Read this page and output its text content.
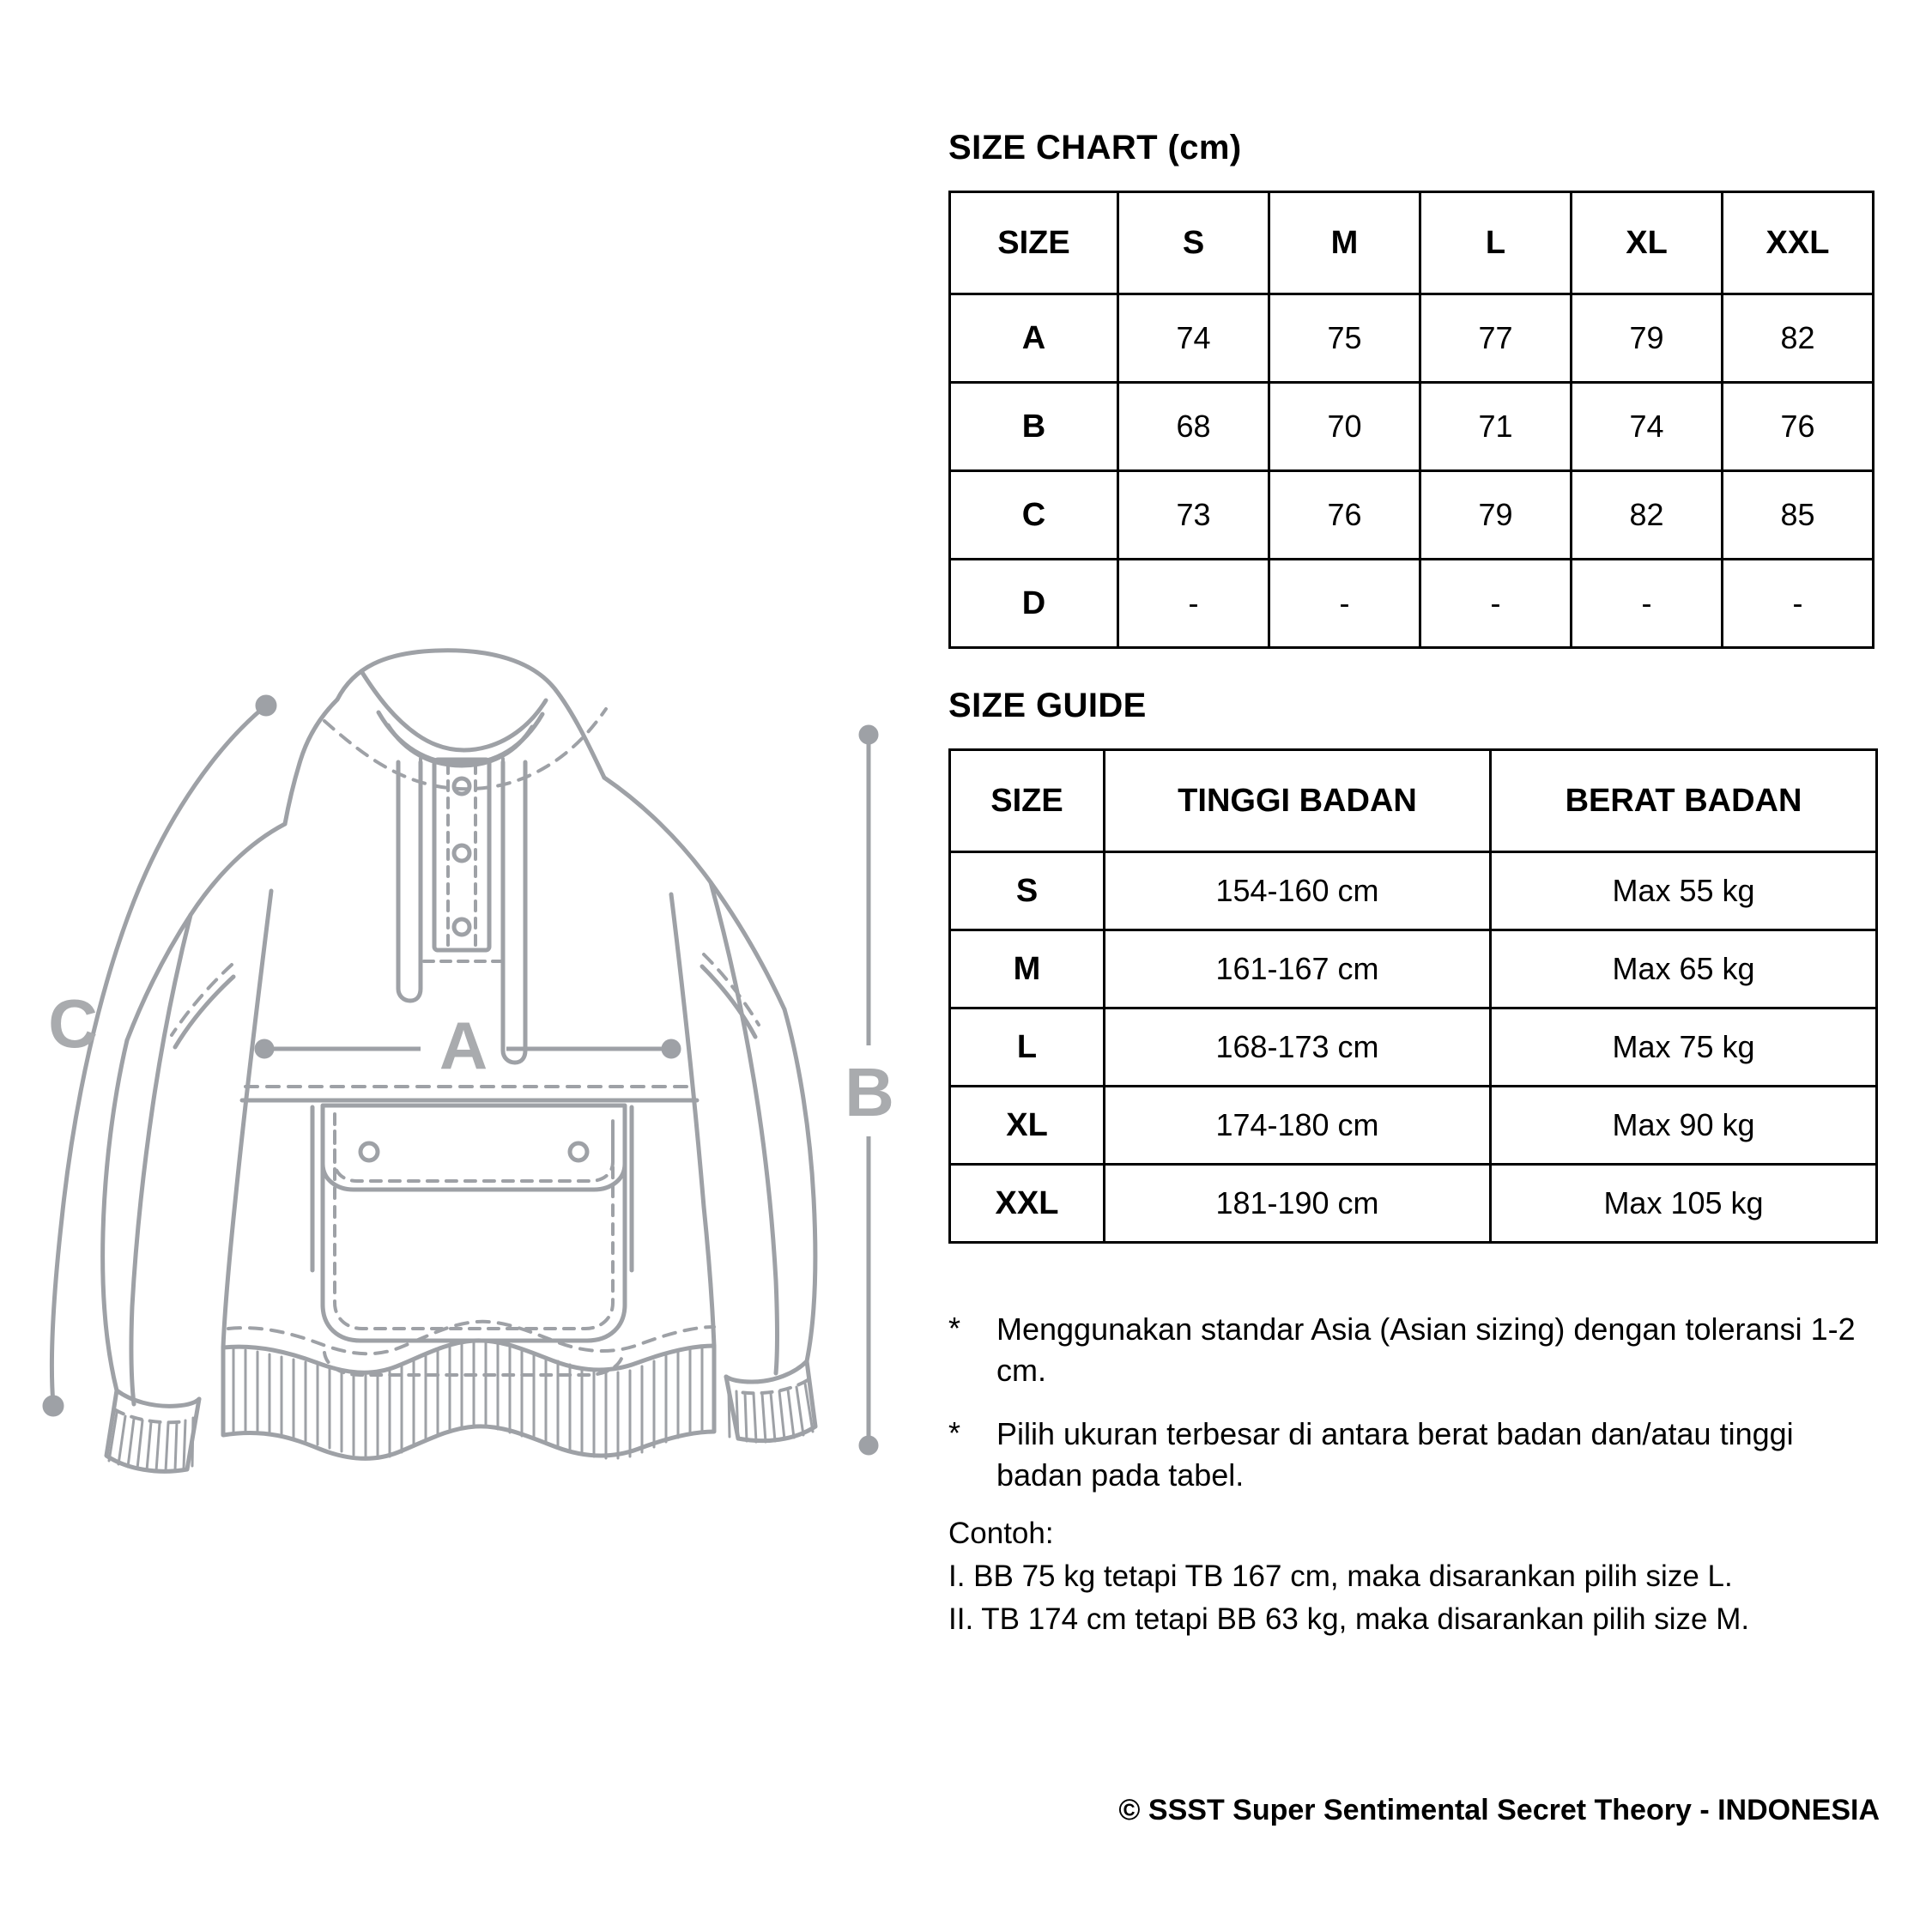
A
C
B
SIZE CHART (cm)
SIZE	S	M	L	XL	XXL
A	74	75	77	79	82
B	68	70	71	74	76
C	73	76	79	82	85
D	-	-	-	-	-
SIZE GUIDE
SIZE	TINGGI BADAN	BERAT BADAN
S	154-160 cm	Max 55 kg
M	161-167 cm	Max 65 kg
L	168-173 cm	Max 75 kg
XL	174-180 cm	Max 90 kg
XXL	181-190 cm	Max 105 kg
*	Menggunakan standar Asia (Asian sizing) dengan toleransi 1-2 cm.
*	Pilih ukuran terbesar di antara berat badan dan/atau tinggi badan pada tabel.
Contoh:
I. BB 75 kg tetapi TB 167 cm, maka disarankan pilih size L.
II. TB 174 cm tetapi BB 63 kg, maka disarankan pilih size M.
© SSST Super Sentimental Secret Theory - INDONESIA
